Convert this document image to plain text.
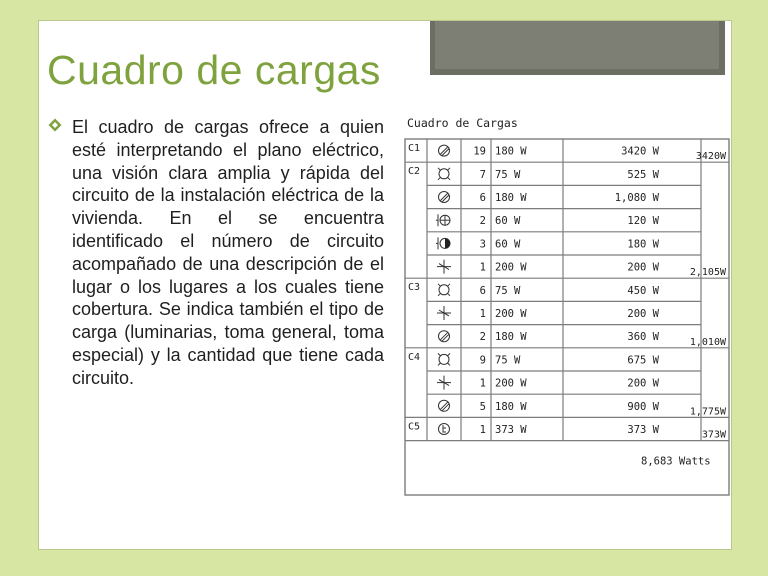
Cuadro de cargas

El cuadro de cargas ofrece a quien esté interpretando el plano eléctrico, una visión clara amplia y rápida del circuito de la instalación eléctrica de la vivienda. En el se encuentra identificado el número de circuito acompañado de una descripción de el lugar o los lugares a los cuales tiene cobertura. Se indica también el tipo de carga (luminarias, toma general, toma especial) y la cantidad que tiene cada circuito.

Cuadro de Cargas
C1	19 180 W	3420 W	3420W
C2	7 75 W	525 W
6 180 W	1,080 W
2 60 W	120 W
3 60 W	180 W
1 200 W	200 W	2,105W
C3	6 75 W	450 W
1 200 W	200 W
2 180 W	360 W	1,010W
C4	9 75 W	675 W
1 200 W	200 W
5 180 W	900 W	1,775W
C5	1 373 W	373 W	373W
8,683 Watts
